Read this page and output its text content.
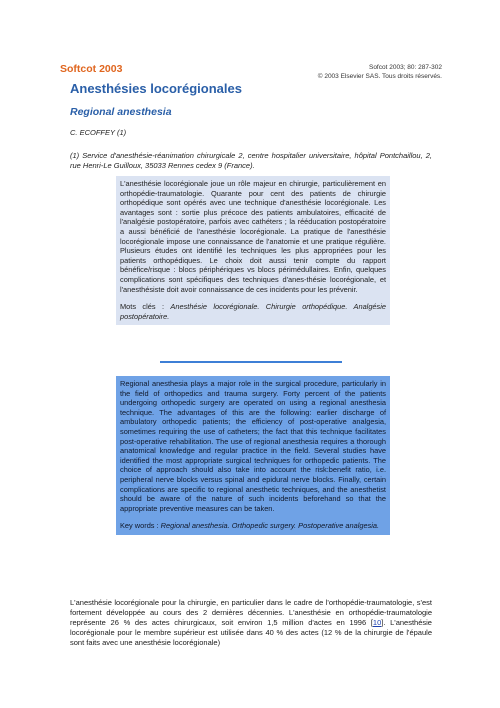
Softcot 2003	Sofcot 2003; 80: 287-302
© 2003 Elsevier SAS. Tous droits réservés.
Anesthésies locorégionales
Regional anesthesia
C. ECOFFEY (1)
(1) Service d'anesthésie-réanimation chirurgicale 2, centre hospitalier universitaire, hôpital Pontchaillou, 2, rue Henri-Le Guilloux, 35033 Rennes cedex 9 (France).

L'anesthésie locorégionale joue un rôle majeur en chirurgie, particulièrement en orthopédie-traumatologie. Quarante pour cent des patients de chirurgie orthopédique sont opérés avec une technique d'anesthésie locorégionale. Les avantages sont : sortie plus précoce des patients ambulatoires, efficacité de l'analgésie postopératoire, parfois avec cathéters ; la rééducation postopératoire a aussi bénéficié de l'anesthésie locorégionale. La pratique de l'anesthésie locorégionale impose une connaissance de l'anatomie et une pratique régulière. Plusieurs études ont identifié les techniques les plus appropriées pour les patients orthopédiques. Le choix doit aussi tenir compte du rapport bénéfice/risque : blocs périphériques vs blocs périmédullaires. Enfin, quelques complications sont spécifiques des techniques d'anes-thésie locorégionale, et l'anesthésiste doit avoir connaissance de ces incidents pour les prévenir.

Mots clés : Anesthésie locorégionale. Chirurgie orthopédique. Analgésie postopératoire.

Regional anesthesia plays a major role in the surgical procedure, particularly in the field of orthopedics and trauma surgery. Forty percent of the patients undergoing orthopedic surgery are operated on using a regional anesthesia technique. The advantages of this are the following: earlier discharge of ambulatory orthopedic patients; the efficiency of post-operative analgesia, sometimes requiring the use of catheters; the fact that this technique facilitates post-operative rehabilitation. The use of regional anesthesia requires a thorough anatomical knowledge and regular practice in the field. Several studies have identified the most appropriate surgical techniques for orthopedic patients. The choice of approach should also take into account the risk:benefit ratio, i.e. peripheral nerve blocks versus spinal and epidural nerve blocks. Finally, certain complications are specific to regional anesthetic techniques, and the anesthetist should be aware of the nature of such incidents beforehand so that the appropriate preventive measures can be taken.

Key words : Regional anesthesia. Orthopedic surgery. Postoperative analgesia.

L'anesthésie locorégionale pour la chirurgie, en particulier dans le cadre de l'orthopédie-traumatologie, s'est fortement développée au cours des 2 dernières décennies. L'anesthésie en orthopédie-traumatologie représente 26 % des actes chirurgicaux, soit environ 1,5 million d'actes en 1996 [10]. L'anesthésie locorégionale pour le membre supérieur est utilisée dans 40 % des actes (12 % de la chirurgie de l'épaule sont faits avec une anesthésie locorégionale)
